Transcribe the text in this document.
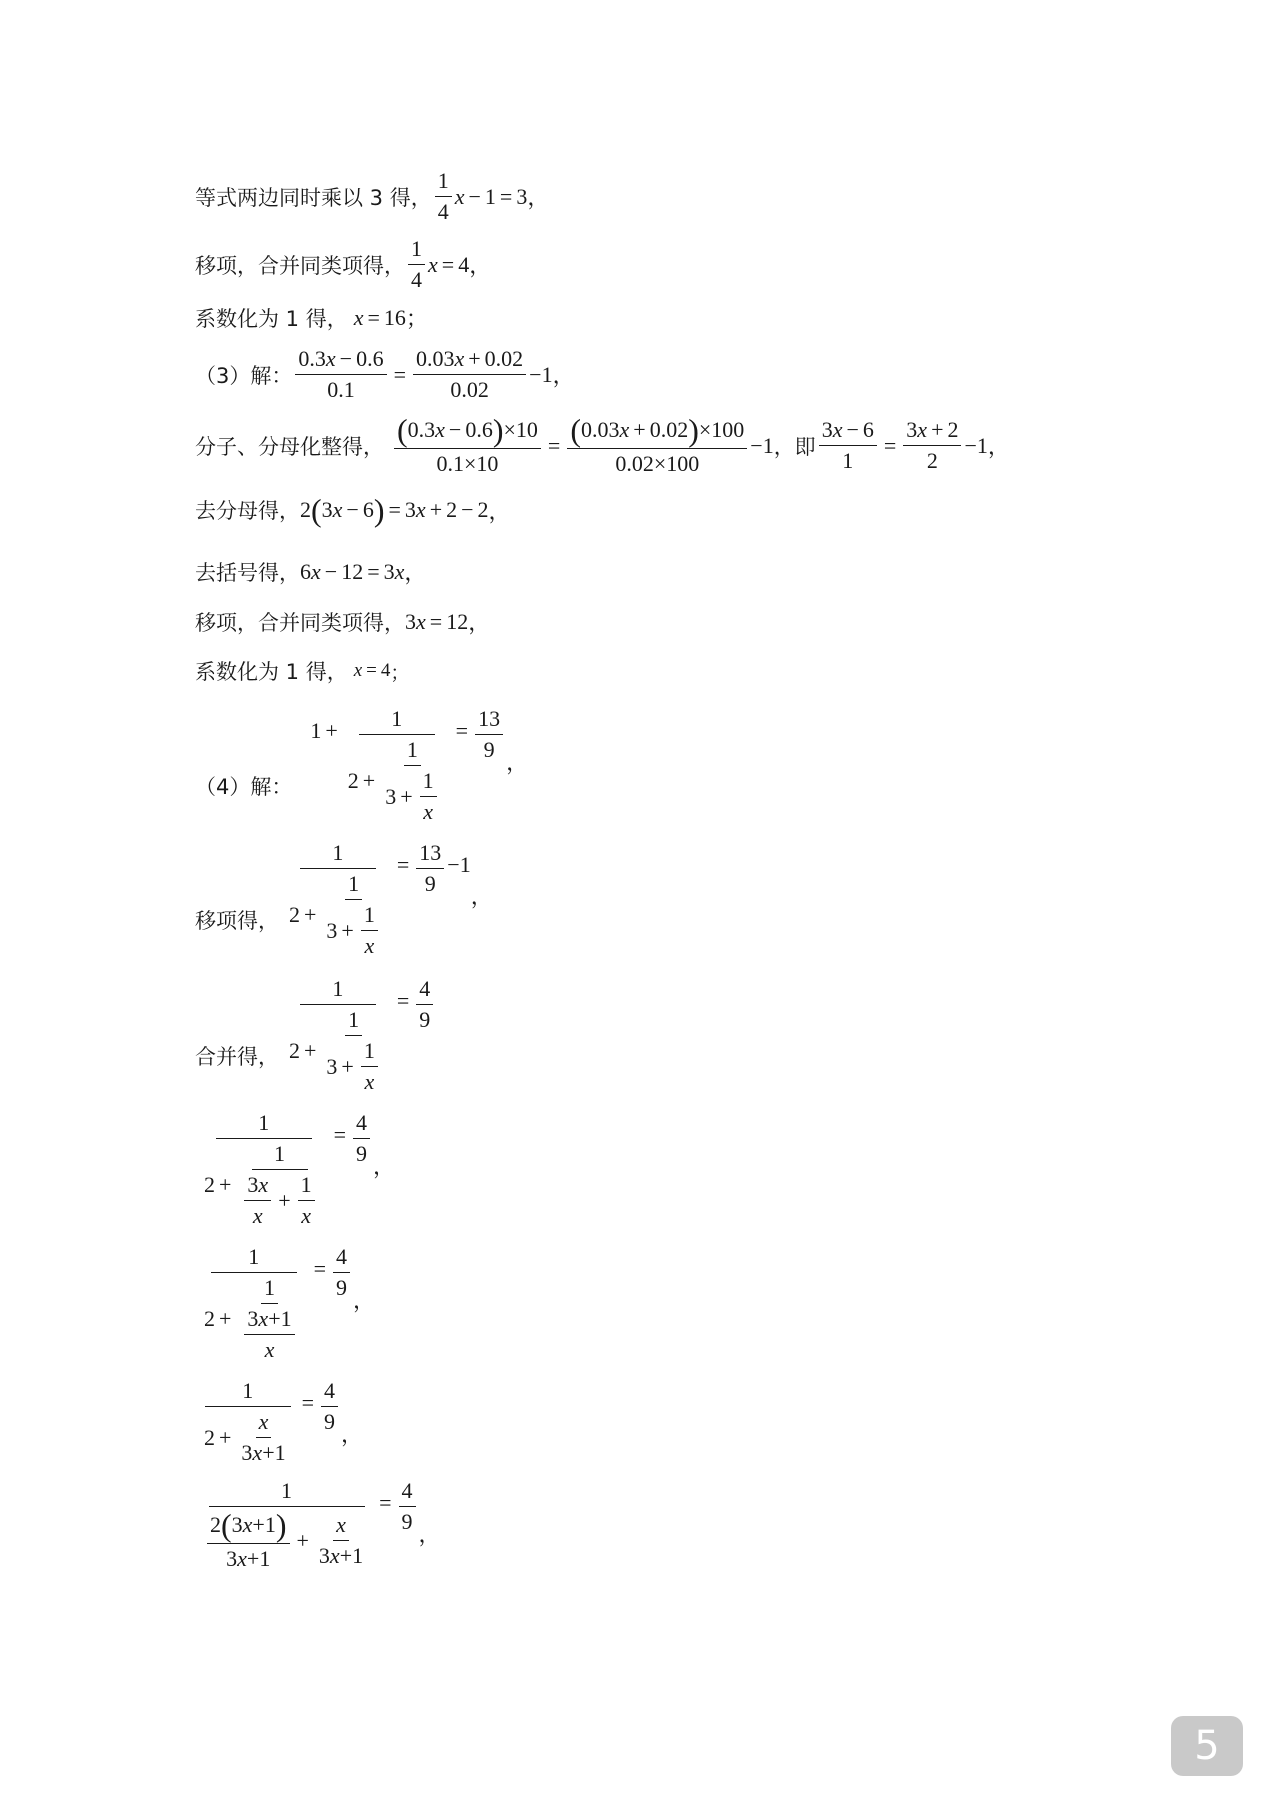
等式两边同时乘以 3 得， $\frac{1}{4}$ x − 1 = 3 ，
移项，合并同类项得， $\frac{1}{4}$ x = 4 ，
系数化为 1 得， x = 16 ；
（3）解： $\frac{0.3 x - 0.6}{0.1} = \frac{0.03 x + 0.02}{0.02} - 1$ ，
分子、分母化整得， $\frac{( 0.3 x - 0.6 ) \times 10}{0.1 \times 10} = \frac{( 0.03 x + 0.02 ) \times 100}{0.02 \times 100} - 1$ ，即 $\frac{3 x - 6}{1} = \frac{3 x + 2}{2} - 1$ ，
去分母得， 2 ( 3 x − 6 ) = 3 x + 2 − 2 ，
去括号得， 6 x − 12 = 3 x ，
移项，合并同类项得， 3 x = 12 ，
系数化为 1 得， x = 4 ；
（4）解：
$1 + \frac{1}{2 + \frac{1}{3 + \frac{1}{x}}} = \frac{13}{9}$ ，
移项得， $\frac{1}{2 + \frac{1}{3 + \frac{1}{x}}} = \frac{13}{9} - 1$
，
合并得， $\frac{1}{2 + \frac{1}{3 + \frac{1}{x}}} = \frac{4}{9}$
1
$2 + \frac{1}{\frac{3 x}{x} + \frac{1}{x}}$
= $\frac{4}{9}$ ，
$\frac{1}{2 + \frac{1}{\frac{3 x + 1}{x}}} = \frac{4}{9}$ ，
$\frac{1}{2 + \frac{x}{3 x + 1}} = \frac{4}{9}$ ，
1
$\frac{2 ( 3 x + 1 )}{3 x + 1} + \frac{x}{3 x + 1}$
= $\frac{4}{9}$ ，
5
